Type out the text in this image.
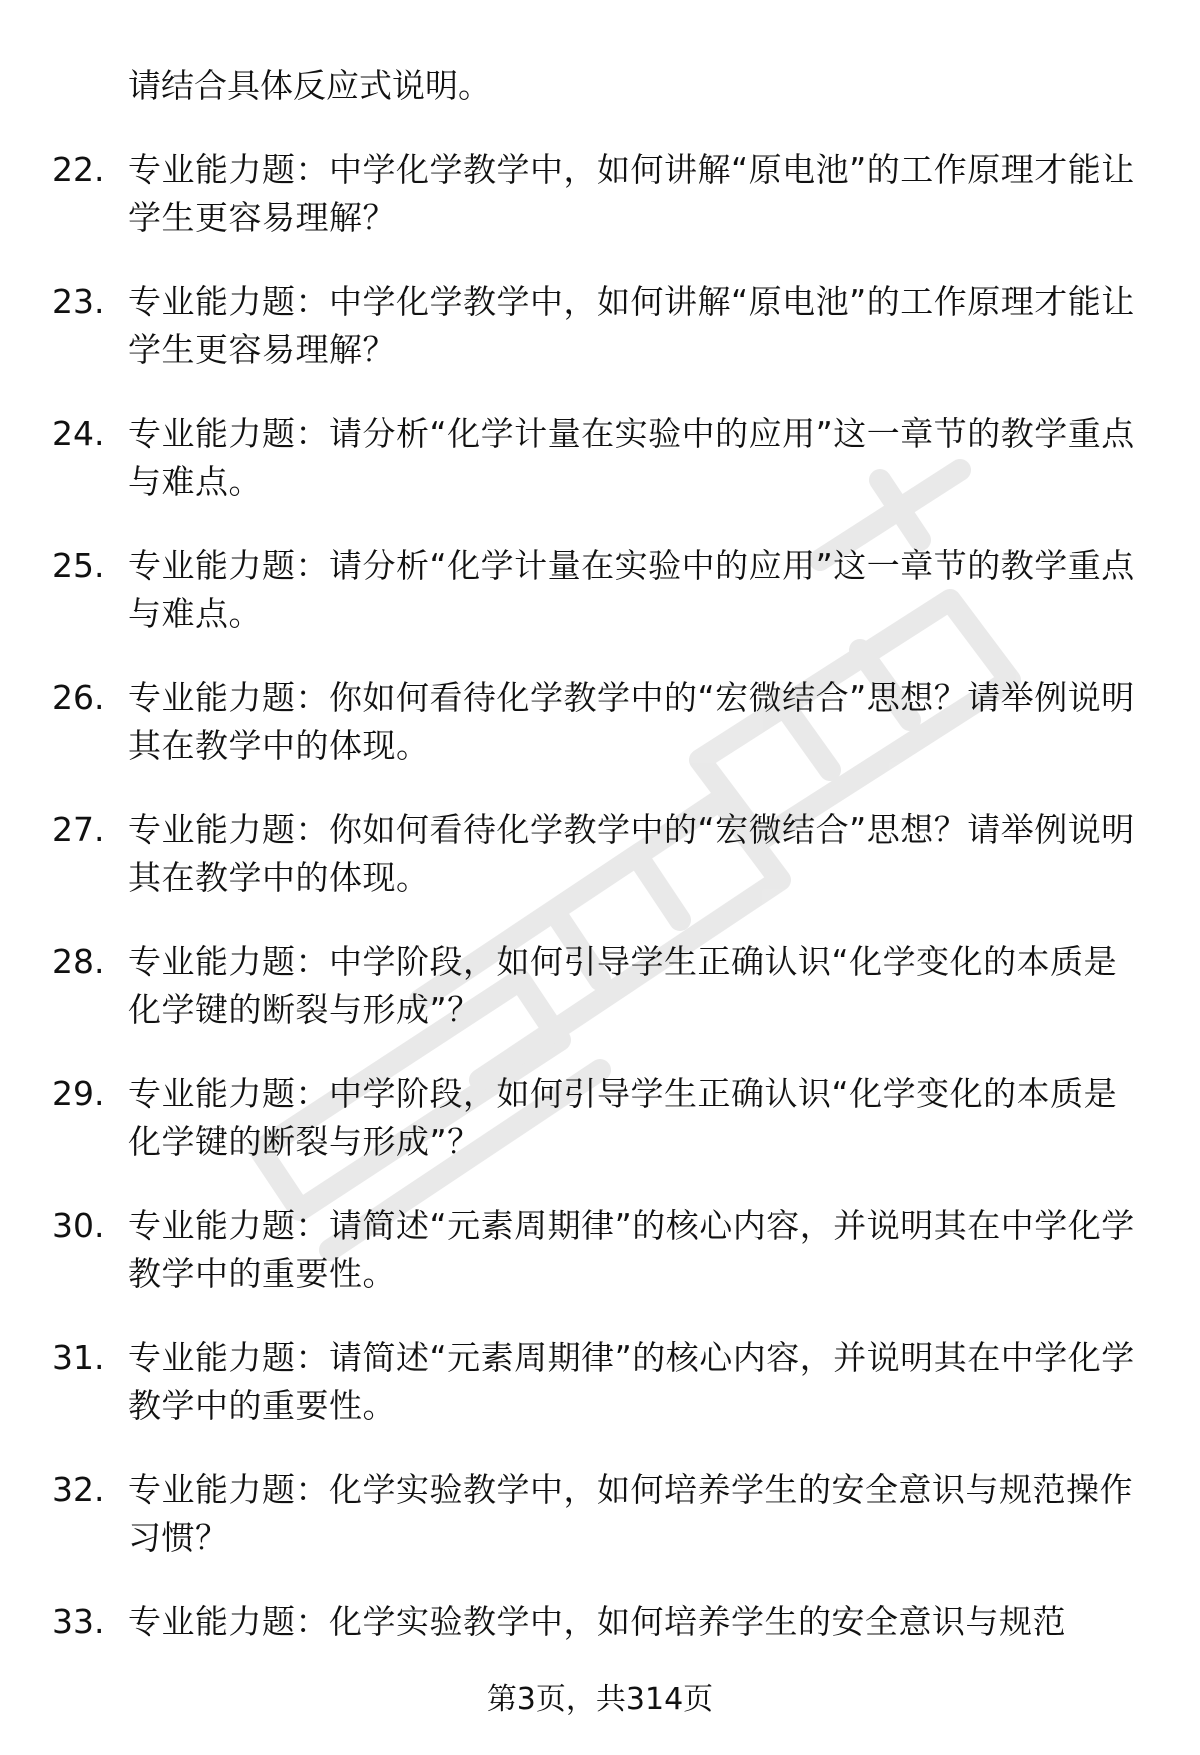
请结合具体反应式说明。
22. 专业能力题：中学化学教学中，如何讲解“原电池”的工作原理才能让学生更容易理解？
23. 专业能力题：中学化学教学中，如何讲解“原电池”的工作原理才能让学生更容易理解？
24. 专业能力题：请分析“化学计量在实验中的应用”这一章节的教学重点与难点。
25. 专业能力题：请分析“化学计量在实验中的应用”这一章节的教学重点与难点。
26. 专业能力题：你如何看待化学教学中的“宏微结合”思想？请举例说明其在教学中的体现。
27. 专业能力题：你如何看待化学教学中的“宏微结合”思想？请举例说明其在教学中的体现。
28. 专业能力题：中学阶段，如何引导学生正确认识“化学变化的本质是化学键的断裂与形成”？
29. 专业能力题：中学阶段，如何引导学生正确认识“化学变化的本质是化学键的断裂与形成”？
30. 专业能力题：请简述“元素周期律”的核心内容，并说明其在中学化学教学中的重要性。
31. 专业能力题：请简述“元素周期律”的核心内容，并说明其在中学化学教学中的重要性。
32. 专业能力题：化学实验教学中，如何培养学生的安全意识与规范操作习惯？
33. 专业能力题：化学实验教学中，如何培养学生的安全意识与规范
第3页，共314页
